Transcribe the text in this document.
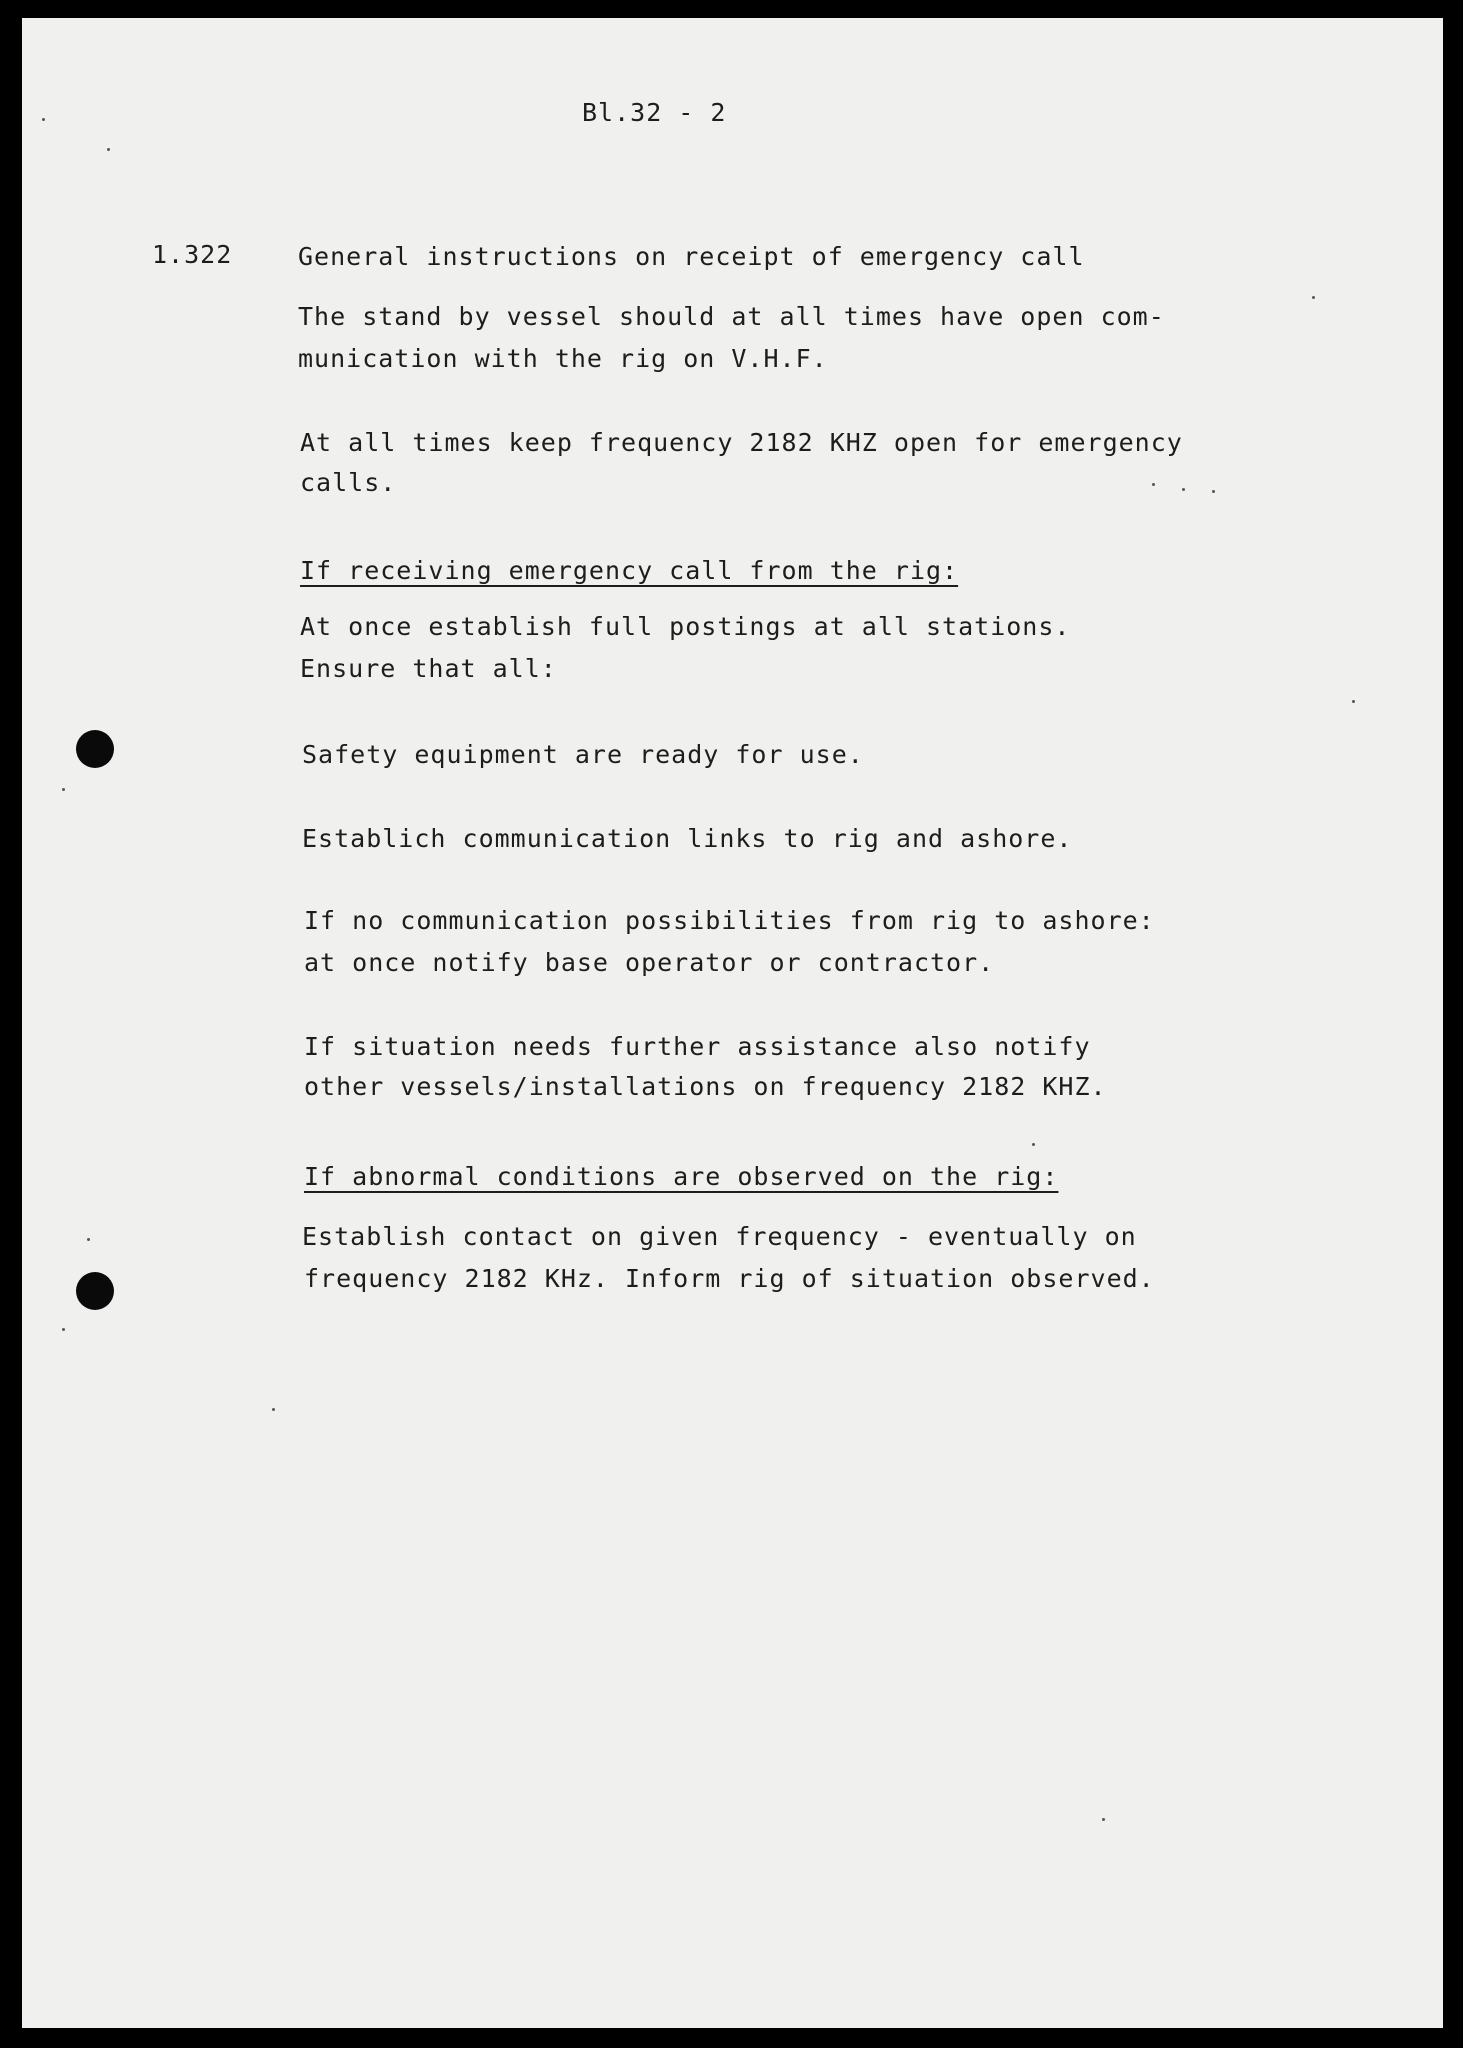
Bl.32 - 2
1.322	General instructions on receipt of emergency call
The stand by vessel should at all times have open com-
munication with the rig on V.H.F.
At all times keep frequency 2182 KHZ open for emergency
calls.
If receiving emergency call from the rig:
At once establish full postings at all stations.
Ensure that all:
Safety equipment are ready for use.
Establich communication links to rig and ashore.
If no communication possibilities from rig to ashore:
at once notify base operator or contractor.
If situation needs further assistance also notify
other vessels/installations on frequency 2182 KHZ.
If abnormal conditions are observed on the rig:
Establish contact on given frequency - eventually on
frequency 2182 KHz. Inform rig of situation observed.
